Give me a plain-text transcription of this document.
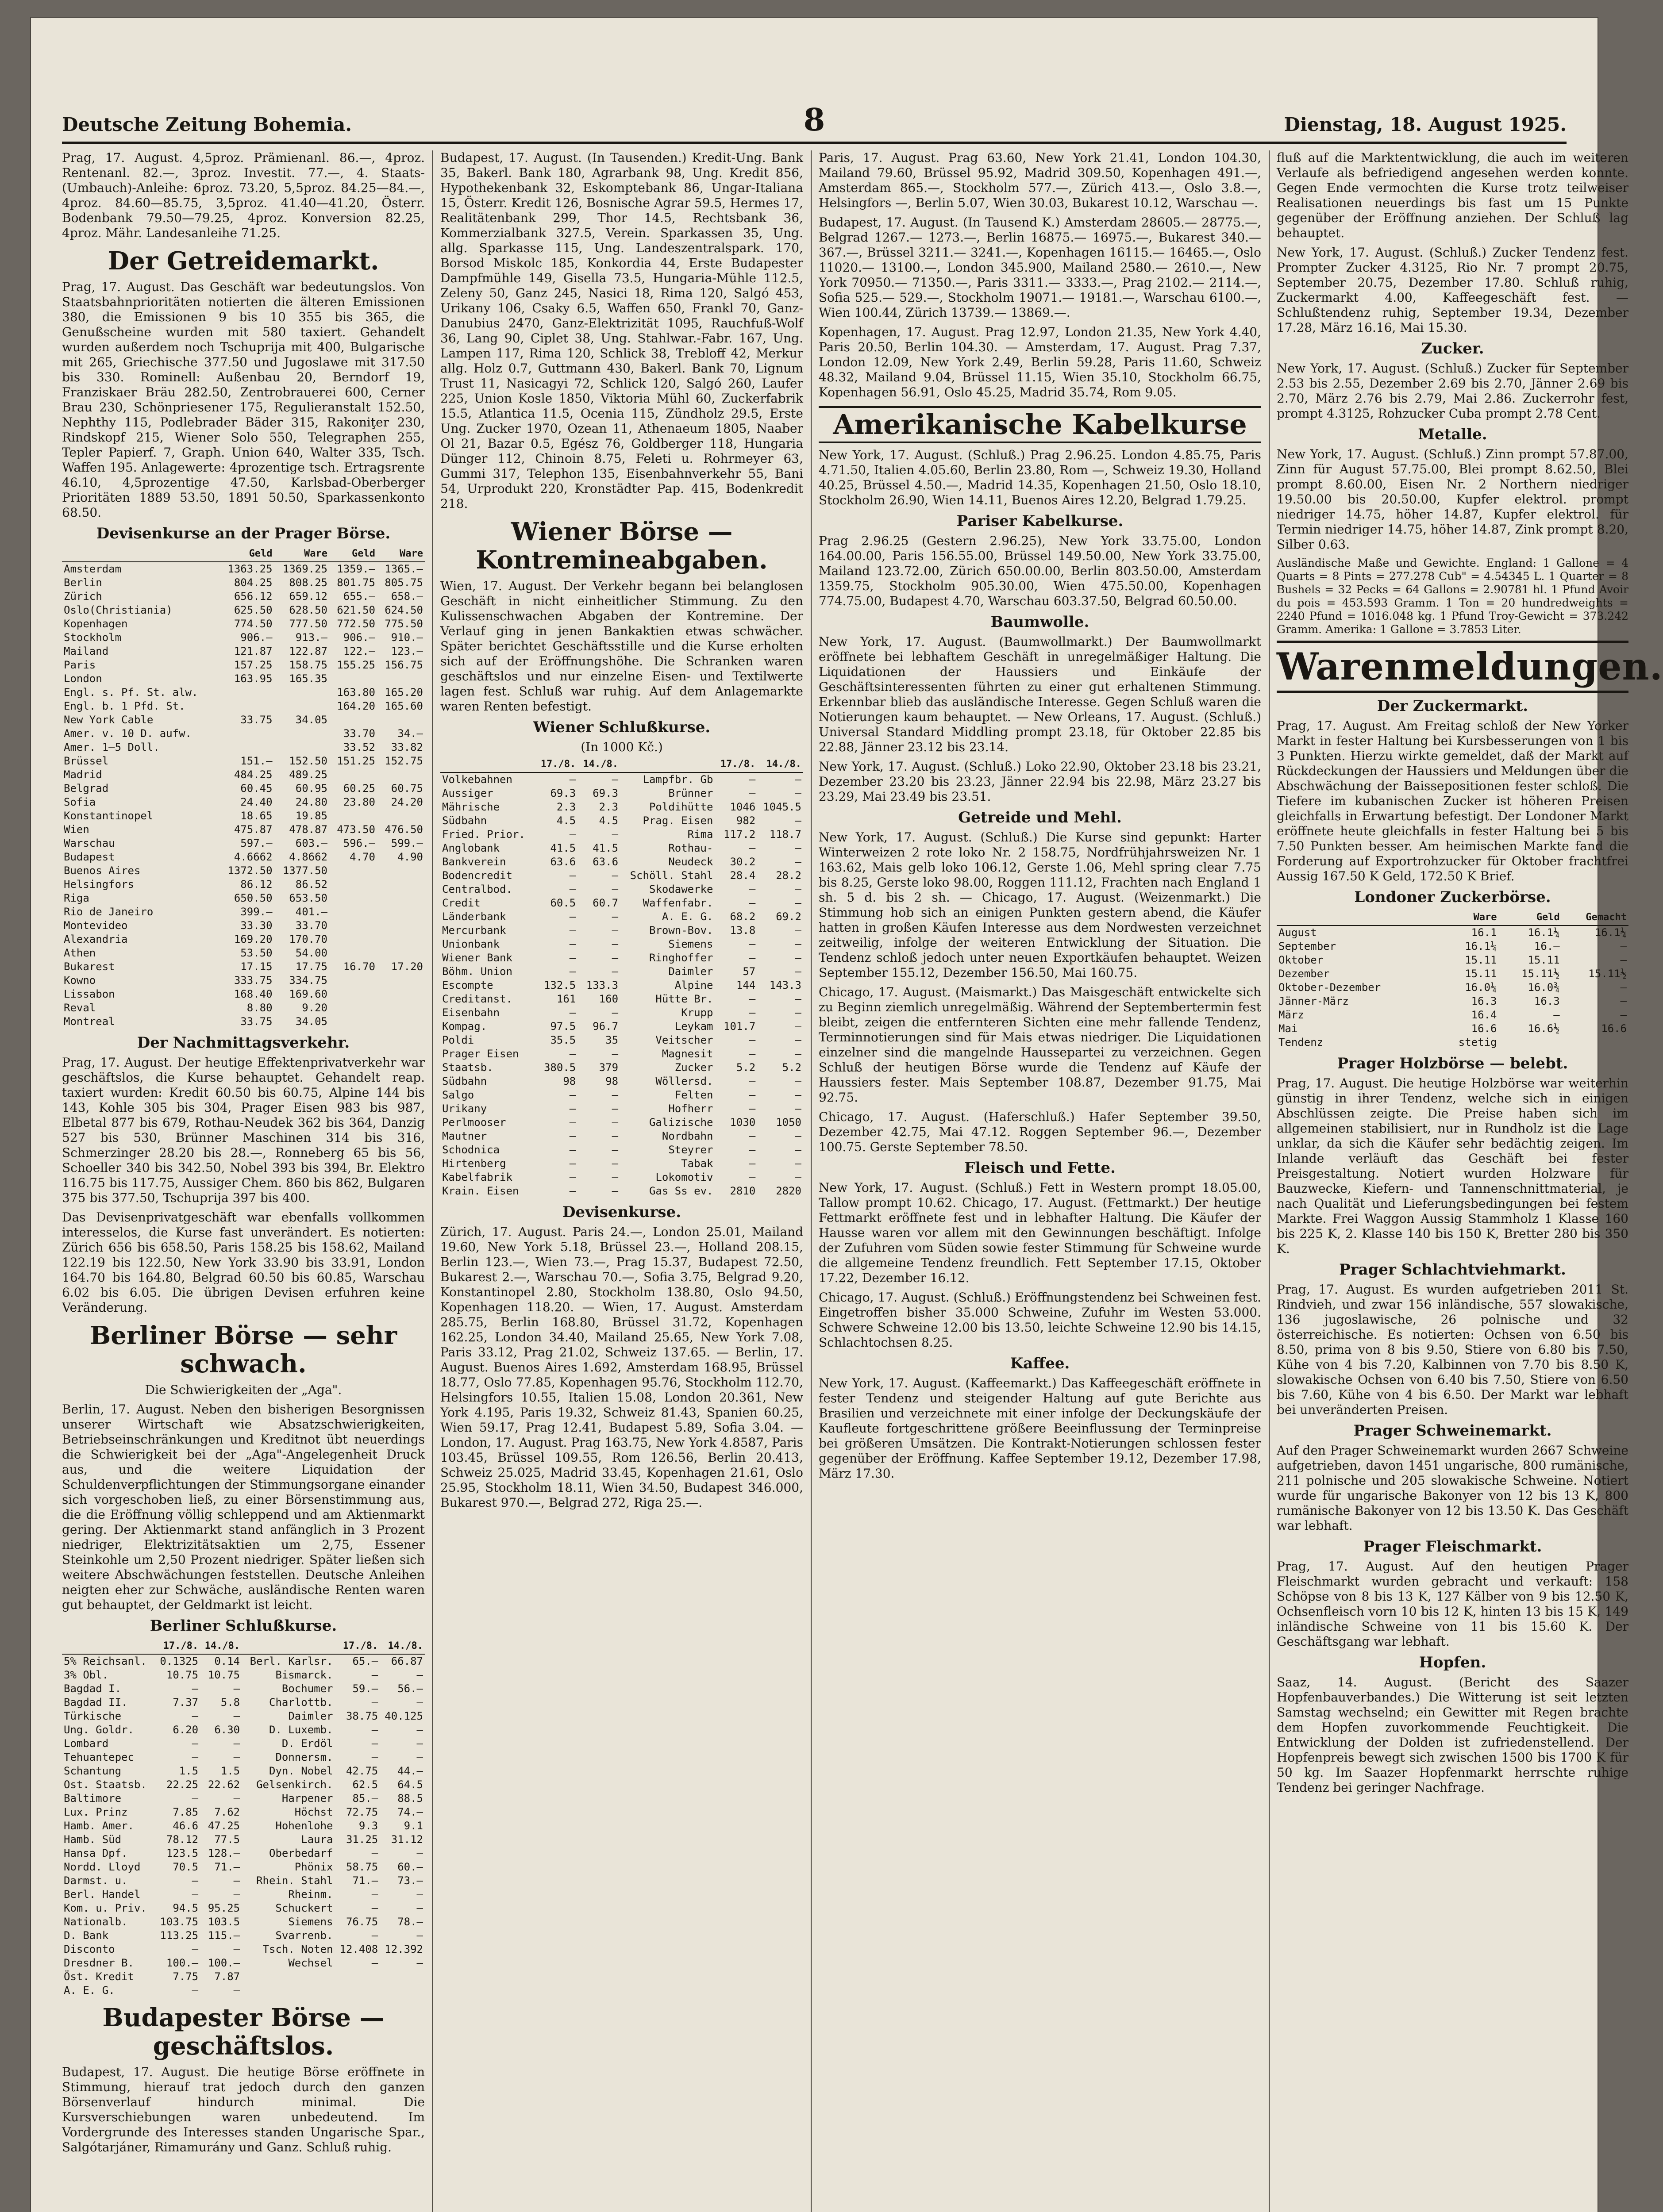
Deutsche Zeitung Bohemia.	8	Dienstag, 18. August 1925.

Prag, 17. August. 4,5proz. Prämienanl. 86.—, 4proz. Rentenanl. 82.—, 3proz. Investit. 77.—, 4. Staats-(Umbauch)-Anleihe: 6proz. 73.20, 5,5proz. 84.25—84.—, 4proz. 84.60—85.75, 3,5proz. 41.40—41.20, Österr. Bodenbank 79.50—79.25, 4proz. Konversion 82.25, 4proz. Mähr. Landesanleihe 71.25.

Der Getreidemarkt.

Prag, 17. August. Das Geschäft war bedeutungslos. Von Staatsbahnprioritäten notierten die älteren Emissionen 380, die Emissionen 9 bis 10 355 bis 365, die Genußscheine wurden mit 580 taxiert. Gehandelt wurden außerdem noch Tschuprija mit 400, Bulgarische mit 265, Griechische 377.50 und Jugoslawe mit 317.50 bis 330. Rominell: Außenbau 20, Berndorf 19, Franziskaer Bräu 282.50, Zentrobrauerei 600, Cerner Brau 230, Schönpriesener 175, Regulieranstalt 152.50, Nephthy 115, Podlebrader Bäder 315, Rakoniţer 230, Rindskopf 215, Wiener Solo 550, Telegraphen 255, Tepler Papierf. 7, Graph. Union 640, Walter 335, Tsch. Waffen 195. Anlagewerte: 4prozentige tsch. Ertragsrente 46.10, 4,5prozentige 47.50, Karlsbad-Oberberger Prioritäten 1889 53.50, 1891 50.50, Sparkassenkonto 68.50.

Devisenkurse an der Prager Börse.
	Geld	Ware	Geld	Ware
Amsterdam	1363.25	1369.25	1359.—	1365.—
Berlin	804.25	808.25	801.75	805.75
Zürich	656.12	659.12	655.—	658.—
Oslo(Christiania)	625.50	628.50	621.50	624.50
Kopenhagen	774.50	777.50	772.50	775.50
Stockholm	906.—	913.—	906.—	910.—
Mailand	121.87	122.87	122.—	123.—
Paris	157.25	158.75	155.25	156.75
London	163.95	165.35		
Engl. s. Pf. St. alw.			163.80	165.20
Engl. b. 1 Pfd. St.			164.20	165.60
New York Cable	33.75	34.05		
Amer. v. 10 D. aufw.			33.70	34.—
Amer. 1—5 Doll.			33.52	33.82
Brüssel	151.—	152.50	151.25	152.75
Madrid	484.25	489.25		
Belgrad	60.45	60.95	60.25	60.75
Sofia	24.40	24.80	23.80	24.20
Konstantinopel	18.65	19.85		
Wien	475.87	478.87	473.50	476.50
Warschau	597.—	603.—	596.—	599.—
Budapest	4.6662	4.8662	4.70	4.90
Buenos Aires	1372.50	1377.50		
Helsingfors	86.12	86.52		
Riga	650.50	653.50		
Rio de Janeiro	399.—	401.—		
Montevideo	33.30	33.70		
Alexandria	169.20	170.70		
Athen	53.50	54.00		
Bukarest	17.15	17.75	16.70	17.20
Kowno	333.75	334.75		
Lissabon	168.40	169.60		
Reval	8.80	9.20		
Montreal	33.75	34.05		
Der Nachmittagsverkehr.

Prag, 17. August. Der heutige Effektenprivatverkehr war geschäftslos, die Kurse behauptet. Gehandelt reap. taxiert wurden: Kredit 60.50 bis 60.75, Alpine 144 bis 143, Kohle 305 bis 304, Prager Eisen 983 bis 987, Elbetal 877 bis 679, Rothau-Neudek 362 bis 364, Danzig 527 bis 530, Brünner Maschinen 314 bis 316, Schmerzinger 28.20 bis 28.—, Ronneberg 65 bis 56, Schoeller 340 bis 342.50, Nobel 393 bis 394, Br. Elektro 116.75 bis 117.75, Aussiger Chem. 860 bis 862, Bulgaren 375 bis 377.50, Tschuprija 397 bis 400.

Das Devisenprivatgeschäft war ebenfalls vollkommen interesselos, die Kurse fast unverändert. Es notierten: Zürich 656 bis 658.50, Paris 158.25 bis 158.62, Mailand 122.19 bis 122.50, New York 33.90 bis 33.91, London 164.70 bis 164.80, Belgrad 60.50 bis 60.85, Warschau 6.02 bis 6.05. Die übrigen Devisen erfuhren keine Veränderung.

Berliner Börse — sehr schwach.

Die Schwierigkeiten der „Aga".

Berlin, 17. August. Neben den bisherigen Besorgnissen unserer Wirtschaft wie Absatzschwierigkeiten, Betriebseinschränkungen und Kreditnot übt neuerdings die Schwierigkeit bei der „Aga"-Angelegenheit Druck aus, und die weitere Liquidation der Schuldenverpflichtungen der Stimmungsorgane einander sich vorgeschoben ließ, zu einer Börsenstimmung aus, die die Eröffnung völlig schleppend und am Aktienmarkt gering. Der Aktienmarkt stand anfänglich in 3 Prozent niedriger, Elektrizitätsaktien um 2,75, Essener Steinkohle um 2,50 Prozent niedriger. Später ließen sich weitere Abschwächungen feststellen. Deutsche Anleihen neigten eher zur Schwäche, ausländische Renten waren gut behauptet, der Geldmarkt ist leicht.

Berliner Schlußkurse.
	17./8.	14./8.		17./8.	14./8.
5% Reichsanl.	0.1325	0.14	Berl. Karlsr.	65.—	66.87
3% Obl.	10.75	10.75	Bismarck.	—	—
Bagdad I.	—	—	Bochumer	59.—	56.—
Bagdad II.	7.37	5.8	Charlottb.	—	—
Türkische	—	—	Daimler	38.75	40.125
Ung. Goldr.	6.20	6.30	D. Luxemb.	—	—
Lombard	—	—	D. Erdöl	—	—
Tehuantepec	—	—	Donnersm.	—	—
Schantung	1.5	1.5	Dyn. Nobel	42.75	44.—
Ost. Staatsb.	22.25	22.62	Gelsenkirch.	62.5	64.5
Baltimore	—	—	Harpener	85.—	88.5
Lux. Prinz	7.85	7.62	Höchst	72.75	74.—
Hamb. Amer.	46.6	47.25	Hohenlohe	9.3	9.1
Hamb. Süd	78.12	77.5	Laura	31.25	31.12
Hansa Dpf.	123.5	128.—	Oberbedarf	—	—
Nordd. Lloyd	70.5	71.—	Phönix	58.75	60.—
Darmst. u.	—	—	Rhein. Stahl	71.—	73.—
Berl. Handel	—	—	Rheinm.	—	—
Kom. u. Priv.	94.5	95.25	Schuckert	—	—
Nationalb.	103.75	103.5	Siemens	76.75	78.—
D. Bank	113.25	115.—	Svarrenb.	—	—
Disconto	—	—	Tsch. Noten	12.408	12.392
Dresdner B.	100.—	100.—	Wechsel	—	—
Öst. Kredit	7.75	7.87			
A. E. G.	—	—			
Budapester Börse — geschäftslos.

Budapest, 17. August. Die heutige Börse eröffnete in Stimmung, hierauf trat jedoch durch den ganzen Börsenverlauf hindurch minimal. Die Kursverschiebungen waren unbedeutend. Im Vordergrunde des Interesses standen Ungarische Spar., Salgótarjáner, Rimamurány und Ganz. Schluß ruhig.

Budapest, 17. August. (In Tausenden.) Kredit-Ung. Bank 35, Bakerl. Bank 180, Agrarbank 98, Ung. Kredit 856, Hypothekenbank 32, Eskomptebank 86, Ungar-Italiana 15, Österr. Kredit 126, Bosnische Agrar 59.5, Hermes 17, Realitätenbank 299, Thor 14.5, Rechtsbank 36, Kommerzialbank 327.5, Verein. Sparkassen 35, Ung. allg. Sparkasse 115, Ung. Landeszentralspark. 170, Borsod Miskolc 185, Konkordia 44, Erste Budapester Dampfmühle 149, Gisella 73.5, Hungaria-Mühle 112.5, Zeleny 50, Ganz 245, Nasici 18, Rima 120, Salgó 453, Urikany 106, Csaky 6.5, Waffen 650, Frankl 70, Ganz-Danubius 2470, Ganz-Elektrizität 1095, Rauchfuß-Wolf 36, Lang 90, Ciplet 38, Ung. Stahlwar.-Fabr. 167, Ung. Lampen 117, Rima 120, Schlick 38, Trebloff 42, Merkur allg. Holz 0.7, Guttmann 430, Bakerl. Bank 70, Lignum Trust 11, Nasicagyi 72, Schlick 120, Salgó 260, Laufer 225, Union Kosle 1850, Viktoria Mühl 60, Zuckerfabrik 15.5, Atlantica 11.5, Ocenia 115, Zündholz 29.5, Erste Ung. Zucker 1970, Ozean 11, Athenaeum 1805, Naaber Ol 21, Bazar 0.5, Egész 76, Goldberger 118, Hungaria Dünger 112, Chinoin 8.75, Feleti u. Rohrmeyer 63, Gummi 317, Telephon 135, Eisenbahnverkehr 55, Bani 54, Urprodukt 220, Kronstädter Pap. 415, Bodenkredit 218.

Wiener Börse — Kontremineabgaben.

Wien, 17. August. Der Verkehr begann bei belanglosen Geschäft in nicht einheitlicher Stimmung. Zu den Kulissenschwachen Abgaben der Kontremine. Der Verlauf ging in jenen Bankaktien etwas schwächer. Später berichtet Geschäftsstille und die Kurse erholten sich auf der Eröffnungshöhe. Die Schranken waren geschäftslos und nur einzelne Eisen- und Textilwerte lagen fest. Schluß war ruhig. Auf dem Anlagemarkte waren Renten befestigt.

Wiener Schlußkurse.

(In 1000 Kč.)

	17./8.	14./8.		17./8.	14./8.
Volkebahnen	—	—	Lampfbr. Gb	—	—
Aussiger	69.3	69.3	Brünner	—	—
Mährische	2.3	2.3	Poldihütte	1046	1045.5
Südbahn	4.5	4.5	Prag. Eisen	982	—
Fried. Prior.	—	—	Rima	117.2	118.7
Anglobank	41.5	41.5	Rothau-	—	—
Bankverein	63.6	63.6	Neudeck	30.2	—
Bodencredit	—	—	Schöll. Stahl	28.4	28.2
Centralbod.	—	—	Skodawerke	—	—
Credit	60.5	60.7	Waffenfabr.	—	—
Länderbank	—	—	A. E. G.	68.2	69.2
Mercurbank	—	—	Brown-Bov.	13.8	—
Unionbank	—	—	Siemens	—	—
Wiener Bank	—	—	Ringhoffer	—	—
Böhm. Union	—	—	Daimler	57	—
Escompte	132.5	133.3	Alpine	144	143.3
Creditanst.	161	160	Hütte Br.	—	—
Eisenbahn	—	—	Krupp	—	—
Kompag.	97.5	96.7	Leykam	101.7	—
Poldi	35.5	35	Veitscher	—	—
Prager Eisen	—	—	Magnesit	—	—
Staatsb.	380.5	379	Zucker	5.2	5.2
Südbahn	98	98	Wöllersd.	—	—
Salgo	—	—	Felten	—	—
Urikany	—	—	Hofherr	—	—
Perlmooser	—	—	Galizische	1030	1050
Mautner	—	—	Nordbahn	—	—
Schodnica	—	—	Steyrer	—	—
Hirtenberg	—	—	Tabak	—	—
Kabelfabrik	—	—	Lokomotiv	—	—
Krain. Eisen	—	—	Gas Ss ev.	2810	2820
Devisenkurse.

Zürich, 17. August. Paris 24.—, London 25.01, Mailand 19.60, New York 5.18, Brüssel 23.—, Holland 208.15, Berlin 123.—, Wien 73.—, Prag 15.37, Budapest 72.50, Bukarest 2.—, Warschau 70.—, Sofia 3.75, Belgrad 9.20, Konstantinopel 2.80, Stockholm 138.80, Oslo 94.50, Kopenhagen 118.20. — Wien, 17. August. Amsterdam 285.75, Berlin 168.80, Brüssel 31.72, Kopenhagen 162.25, London 34.40, Mailand 25.65, New York 7.08, Paris 33.12, Prag 21.02, Schweiz 137.65. — Berlin, 17. August. Buenos Aires 1.692, Amsterdam 168.95, Brüssel 18.77, Oslo 77.85, Kopenhagen 95.76, Stockholm 112.70, Helsingfors 10.55, Italien 15.08, London 20.361, New York 4.195, Paris 19.32, Schweiz 81.43, Spanien 60.25, Wien 59.17, Prag 12.41, Budapest 5.89, Sofia 3.04. — London, 17. August. Prag 163.75, New York 4.8587, Paris 103.45, Brüssel 109.55, Rom 126.56, Berlin 20.413, Schweiz 25.025, Madrid 33.45, Kopenhagen 21.61, Oslo 25.95, Stockholm 18.11, Wien 34.50, Budapest 346.000, Bukarest 970.—, Belgrad 272, Riga 25.—.

Paris, 17. August. Prag 63.60, New York 21.41, London 104.30, Mailand 79.60, Brüssel 95.92, Madrid 309.50, Kopenhagen 491.—, Amsterdam 865.—, Stockholm 577.—, Zürich 413.—, Oslo 3.8.—, Helsingfors —, Berlin 5.07, Wien 30.03, Bukarest 10.12, Warschau —.

Budapest, 17. August. (In Tausend K.) Amsterdam 28605.— 28775.—, Belgrad 1267.— 1273.—, Berlin 16875.— 16975.—, Bukarest 340.— 367.—, Brüssel 3211.— 3241.—, Kopenhagen 16115.— 16465.—, Oslo 11020.— 13100.—, London 345.900, Mailand 2580.— 2610.—, New York 70950.— 71350.—, Paris 3311.— 3333.—, Prag 2102.— 2114.—, Sofia 525.— 529.—, Stockholm 19071.— 19181.—, Warschau 6100.—, Wien 100.44, Zürich 13739.— 13869.—.

Kopenhagen, 17. August. Prag 12.97, London 21.35, New York 4.40, Paris 20.50, Berlin 104.30. — Amsterdam, 17. August. Prag 7.37, London 12.09, New York 2.49, Berlin 59.28, Paris 11.60, Schweiz 48.32, Mailand 9.04, Brüssel 11.15, Wien 35.10, Stockholm 66.75, Kopenhagen 56.91, Oslo 45.25, Madrid 35.74, Rom 9.05.

Amerikanische Kabelkurse

New York, 17. August. (Schluß.) Prag 2.96.25. London 4.85.75, Paris 4.71.50, Italien 4.05.60, Berlin 23.80, Rom —, Schweiz 19.30, Holland 40.25, Brüssel 4.50.—, Madrid 14.35, Kopenhagen 21.50, Oslo 18.10, Stockholm 26.90, Wien 14.11, Buenos Aires 12.20, Belgrad 1.79.25.

Pariser Kabelkurse.

Prag 2.96.25 (Gestern 2.96.25), New York 33.75.00, London 164.00.00, Paris 156.55.00, Brüssel 149.50.00, New York 33.75.00, Mailand 123.72.00, Zürich 650.00.00, Berlin 803.50.00, Amsterdam 1359.75, Stockholm 905.30.00, Wien 475.50.00, Kopenhagen 774.75.00, Budapest 4.70, Warschau 603.37.50, Belgrad 60.50.00.

Baumwolle.

New York, 17. August. (Baumwollmarkt.) Der Baumwollmarkt eröffnete bei lebhaftem Geschäft in unregelmäßiger Haltung. Die Liquidationen der Haussiers und Einkäufe der Geschäftsinteressenten führten zu einer gut erhaltenen Stimmung. Erkennbar blieb das ausländische Interesse. Gegen Schluß waren die Notierungen kaum behauptet. — New Orleans, 17. August. (Schluß.) Universal Standard Middling prompt 23.18, für Oktober 22.85 bis 22.88, Jänner 23.12 bis 23.14.

New York, 17. August. (Schluß.) Loko 22.90, Oktober 23.18 bis 23.21, Dezember 23.20 bis 23.23, Jänner 22.94 bis 22.98, März 23.27 bis 23.29, Mai 23.49 bis 23.51.

Getreide und Mehl.

New York, 17. August. (Schluß.) Die Kurse sind gepunkt: Harter Winterweizen 2 rote loko Nr. 2 158.75, Nordfrühjahrsweizen Nr. 1 163.62, Mais gelb loko 106.12, Gerste 1.06, Mehl spring clear 7.75 bis 8.25, Gerste loko 98.00, Roggen 111.12, Frachten nach England 1 sh. 5 d. bis 2 sh. — Chicago, 17. August. (Weizenmarkt.) Die Stimmung hob sich an einigen Punkten gestern abend, die Käufer hatten in großen Käufen Interesse aus dem Nordwesten verzeichnet zeitweilig, infolge der weiteren Entwicklung der Situation. Die Tendenz schloß jedoch unter neuen Exportkäufen behauptet. Weizen September 155.12, Dezember 156.50, Mai 160.75.

Chicago, 17. August. (Maismarkt.) Das Maisgeschäft entwickelte sich zu Beginn ziemlich unregelmäßig. Während der Septembertermin fest bleibt, zeigen die entfernteren Sichten eine mehr fallende Tendenz, Terminnotierungen sind für Mais etwas niedriger. Die Liquidationen einzelner sind die mangelnde Haussepartei zu verzeichnen. Gegen Schluß der heutigen Börse wurde die Tendenz auf Käufe der Haussiers fester. Mais September 108.87, Dezember 91.75, Mai 92.75.

Chicago, 17. August. (Haferschluß.) Hafer September 39.50, Dezember 42.75, Mai 47.12. Roggen September 96.—, Dezember 100.75. Gerste September 78.50.

Fleisch und Fette.

New York, 17. August. (Schluß.) Fett in Western prompt 18.05.00, Tallow prompt 10.62. Chicago, 17. August. (Fettmarkt.) Der heutige Fettmarkt eröffnete fest und in lebhafter Haltung. Die Käufer der Hausse waren vor allem mit den Gewinnungen beschäftigt. Infolge der Zufuhren vom Süden sowie fester Stimmung für Schweine wurde die allgemeine Tendenz freundlich. Fett September 17.15, Oktober 17.22, Dezember 16.12.

Chicago, 17. August. (Schluß.) Eröffnungstendenz bei Schweinen fest. Eingetroffen bisher 35.000 Schweine, Zufuhr im Westen 53.000. Schwere Schweine 12.00 bis 13.50, leichte Schweine 12.90 bis 14.15, Schlachtochsen 8.25.

Kaffee.

New York, 17. August. (Kaffeemarkt.) Das Kaffeegeschäft eröffnete in fester Tendenz und steigender Haltung auf gute Berichte aus Brasilien und verzeichnete mit einer infolge der Deckungskäufe der Kaufleute fortgeschrittene größere Beeinflussung der Terminpreise bei größeren Umsätzen. Die Kontrakt-Notierungen schlossen fester gegenüber der Eröffnung. Kaffee September 19.12, Dezember 17.98, März 17.30.

fluß auf die Marktentwicklung, die auch im weiteren Verlaufe als befriedigend angesehen werden konnte. Gegen Ende vermochten die Kurse trotz teilweiser Realisationen neuerdings bis fast um 15 Punkte gegenüber der Eröffnung anziehen. Der Schluß lag behauptet.

New York, 17. August. (Schluß.) Zucker Tendenz fest. Prompter Zucker 4.3125, Rio Nr. 7 prompt 20.75, September 20.75, Dezember 17.80. Schluß ruhig, Zuckermarkt 4.00, Kaffeegeschäft fest. — Schlußtendenz ruhig, September 19.34, Dezember 17.28, März 16.16, Mai 15.30.

Zucker.

New York, 17. August. (Schluß.) Zucker für September 2.53 bis 2.55, Dezember 2.69 bis 2.70, Jänner 2.69 bis 2.70, März 2.76 bis 2.79, Mai 2.86. Zuckerrohr fest, prompt 4.3125, Rohzucker Cuba prompt 2.78 Cent.

Metalle.

New York, 17. August. (Schluß.) Zinn prompt 57.87.00, Zinn für August 57.75.00, Blei prompt 8.62.50, Blei prompt 8.60.00, Eisen Nr. 2 Northern niedriger 19.50.00 bis 20.50.00, Kupfer elektrol. prompt niedriger 14.75, höher 14.87, Kupfer elektrol. für Termin niedriger 14.75, höher 14.87, Zink prompt 8.20, Silber 0.63.

Ausländische Maße und Gewichte. England: 1 Gallone = 4 Quarts = 8 Pints = 277.278 Cub" = 4.54345 L. 1 Quarter = 8 Bushels = 32 Pecks = 64 Gallons = 2.90781 hl. 1 Pfund Avoir du pois = 453.593 Gramm. 1 Ton = 20 hundredweights = 2240 Pfund = 1016.048 kg. 1 Pfund Troy-Gewicht = 373.242 Gramm. Amerika: 1 Gallone = 3.7853 Liter.

Warenmeldungen.
Der Zuckermarkt.

Prag, 17. August. Am Freitag schloß der New Yorker Markt in fester Haltung bei Kursbesserungen von 1 bis 3 Punkten. Hierzu wirkte gemeldet, daß der Markt auf Rückdeckungen der Haussiers und Meldungen über die Abschwächung der Baissepositionen fester schloß. Die Tiefere im kubanischen Zucker ist höheren Preisen gleichfalls in Erwartung befestigt. Der Londoner Markt eröffnete heute gleichfalls in fester Haltung bei 5 bis 7.50 Punkten besser. Am heimischen Markte fand die Forderung auf Exportrohzucker für Oktober frachtfrei Aussig 167.50 K Geld, 172.50 K Brief.

Londoner Zuckerbörse.
	Ware	Geld	Gemacht
August	16.1	16.1¼	16.1¼
September	16.1¼	16.—	—
Oktober	15.11	15.11	—
Dezember	15.11	15.11½	15.11½
Oktober-Dezember	16.0¼	16.0¾	—
Jänner-März	16.3	16.3	—
März	16.4	—	—
Mai	16.6	16.6½	16.6
Tendenz	stetig		
Prager Holzbörse — belebt.

Prag, 17. August. Die heutige Holzbörse war weiterhin günstig in ihrer Tendenz, welche sich in einigen Abschlüssen zeigte. Die Preise haben sich im allgemeinen stabilisiert, nur in Rundholz ist die Lage unklar, da sich die Käufer sehr bedächtig zeigen. Im Inlande verläuft das Geschäft bei fester Preisgestaltung. Notiert wurden Holzware für Bauzwecke, Kiefern- und Tannenschnittmaterial, je nach Qualität und Lieferungsbedingungen bei festem Markte. Frei Waggon Aussig Stammholz 1 Klasse 160 bis 225 K, 2. Klasse 140 bis 150 K, Bretter 280 bis 350 K.

Prager Schlachtviehmarkt.

Prag, 17. August. Es wurden aufgetrieben 2011 St. Rindvieh, und zwar 156 inländische, 557 slowakische, 136 jugoslawische, 26 polnische und 32 österreichische. Es notierten: Ochsen von 6.50 bis 8.50, prima von 8 bis 9.50, Stiere von 6.80 bis 7.50, Kühe von 4 bis 7.20, Kalbinnen von 7.70 bis 8.50 K, slowakische Ochsen von 6.40 bis 7.50, Stiere von 6.50 bis 7.60, Kühe von 4 bis 6.50. Der Markt war lebhaft bei unveränderten Preisen.

Prager Schweinemarkt.

Auf den Prager Schweinemarkt wurden 2667 Schweine aufgetrieben, davon 1451 ungarische, 800 rumänische, 211 polnische und 205 slowakische Schweine. Notiert wurde für ungarische Bakonyer von 12 bis 13 K, 800 rumänische Bakonyer von 12 bis 13.50 K. Das Geschäft war lebhaft.

Prager Fleischmarkt.

Prag, 17. August. Auf den heutigen Prager Fleischmarkt wurden gebracht und verkauft: 158 Schöpse von 8 bis 13 K, 127 Kälber von 9 bis 12.50 K, Ochsenfleisch vorn 10 bis 12 K, hinten 13 bis 15 K, 149 inländische Schweine von 11 bis 15.60 K. Der Geschäftsgang war lebhaft.

Hopfen.

Saaz, 14. August. (Bericht des Saazer Hopfenbauverbandes.) Die Witterung ist seit letzten Samstag wechselnd; ein Gewitter mit Regen brachte dem Hopfen zuvorkommende Feuchtigkeit. Die Entwicklung der Dolden ist zufriedenstellend. Der Hopfenpreis bewegt sich zwischen 1500 bis 1700 K für 50 kg. Im Saazer Hopfenmarkt herrschte ruhige Tendenz bei geringer Nachfrage.
